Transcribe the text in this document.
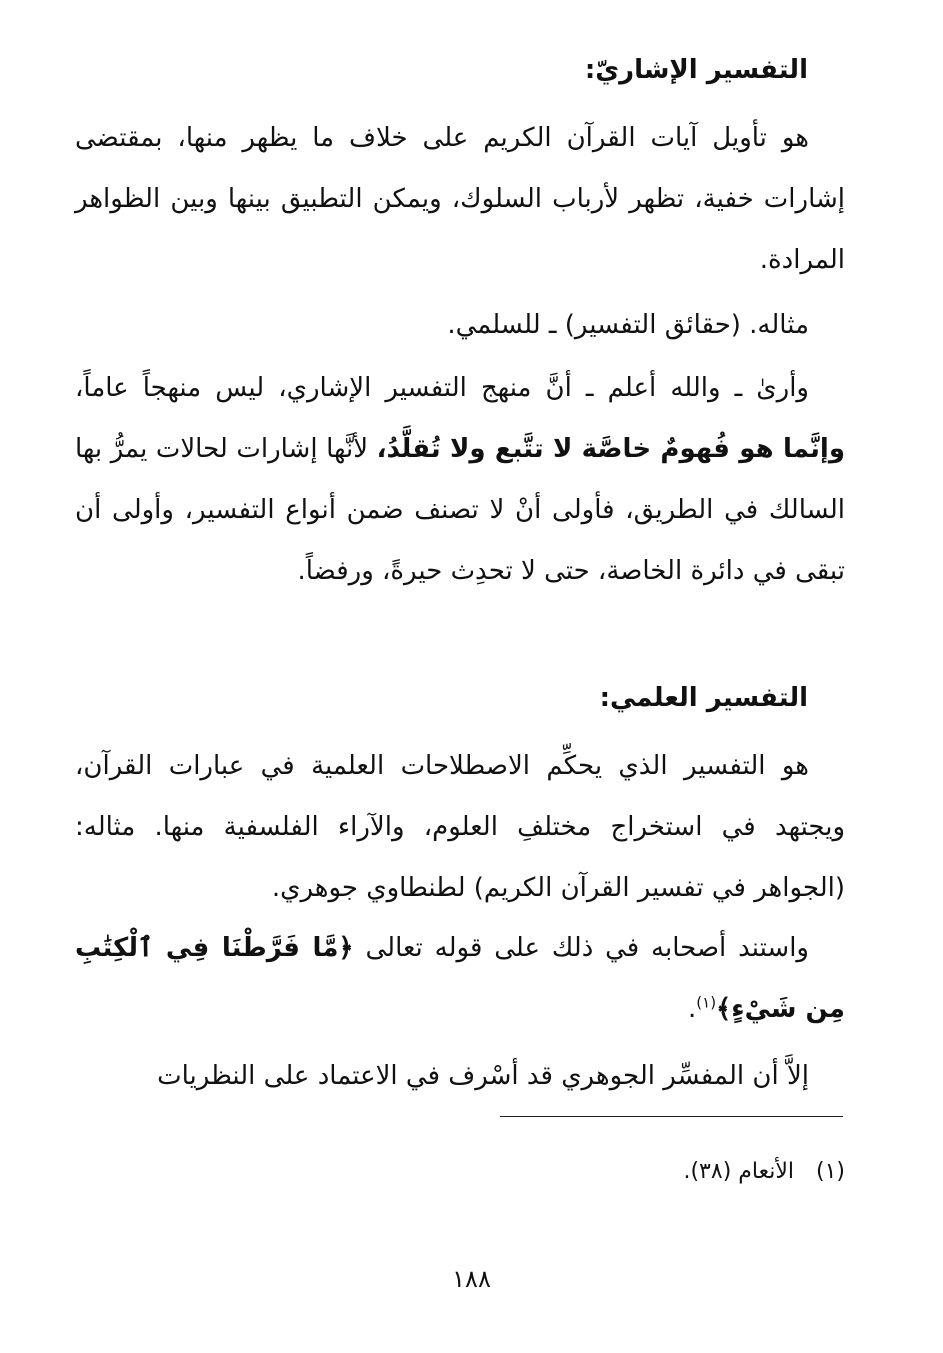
التفسير الإشاريّ:
هو تأويل آيات القرآن الكريم على خلاف ما يظهر منها، بمقتضى إشارات خفية، تظهر لأرباب السلوك، ويمكن التطبيق بينها وبين الظواهر المرادة.
مثاله. (حقائق التفسير) ـ للسلمي.
وأرىٰ ـ والله أعلم ـ أنَّ منهج التفسير الإشاري، ليس منهجاً عاماً، وإنَّما هو فُهومٌ خاصَّة لا تتَّبع ولا تُقلَّدُ، لأنَّها إشارات لحالات يمرُّ بها السالك في الطريق، فأولى أنْ لا تصنف ضمن أنواع التفسير، وأولى أن تبقى في دائرة الخاصة، حتى لا تحدِث حيرةً، ورفضاً.
التفسير العلمي:
هو التفسير الذي يحكِّم الاصطلاحات العلمية في عبارات القرآن، ويجتهد في استخراج مختلفِ العلوم، والآراء الفلسفية منها. مثاله: (الجواهر في تفسير القرآن الكريم) لطنطاوي جوهري.
واستند أصحابه في ذلك على قوله تعالى ﴿مَّا فَرَّطْنَا فِي ٱلْكِتَٰبِ مِن شَيْءٍ﴾$^{(١)}$.
إلاَّ أن المفسِّر الجوهري قد أسْرف في الاعتماد على النظريات
(١)الأنعام (٣٨).
١٨٨
